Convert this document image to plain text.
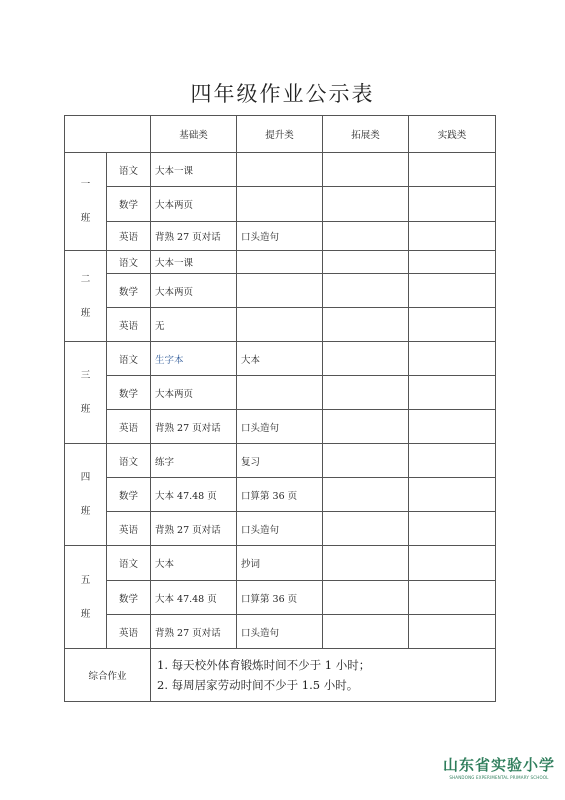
四年级作业公示表
		基础类	提升类	拓展类	实践类

一

班	语文	大本一课			
	数学	大本两页			
	英语	背熟 27 页对话	口头造句		

二

班	语文	大本一课			
	数学	大本两页			
	英语	无			

三

班	语文	生字本	大本		
	数学	大本两页			
	英语	背熟 27 页对话	口头造句		

四

班	语文	练字	复习		
	数学	大本 47.48 页	口算第 36 页		
	英语	背熟 27 页对话	口头造句		

五

班	语文	大本	抄词		
	数学	大本 47.48 页	口算第 36 页		
	英语	背熟 27 页对话	口头造句		
综合作业		1. 每天校外体育锻炼时间不少于 1 小时；
2. 每周居家劳动时间不少于 1.5 小时。			
山东省实验小学
SHANDONG EXPERIMENTAL PRIMARY SCHOOL
